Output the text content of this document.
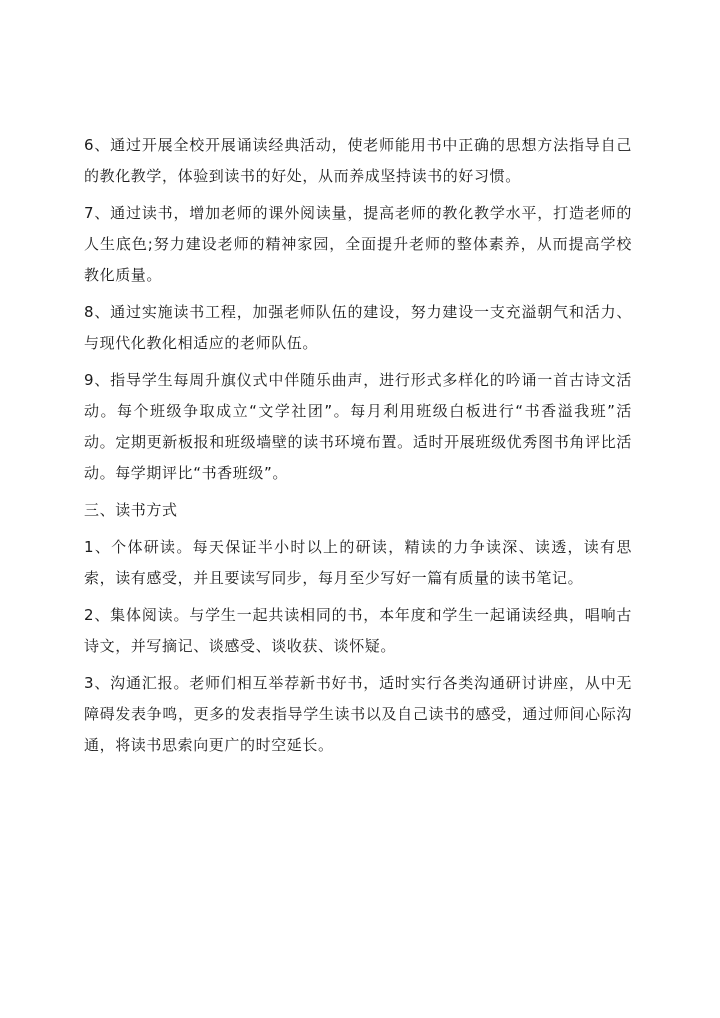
6、通过开展全校开展诵读经典活动，使老师能用书中正确的思想方法指导自己的教化教学，体验到读书的好处，从而养成坚持读书的好习惯。

7、通过读书，增加老师的课外阅读量，提高老师的教化教学水平，打造老师的人生底色;努力建设老师的精神家园，全面提升老师的整体素养，从而提高学校教化质量。

8、通过实施读书工程，加强老师队伍的建设，努力建设一支充溢朝气和活力、与现代化教化相适应的老师队伍。

9、指导学生每周升旗仪式中伴随乐曲声，进行形式多样化的吟诵一首古诗文活动。每个班级争取成立“文学社团”。每月利用班级白板进行“书香溢我班”活动。定期更新板报和班级墙壁的读书环境布置。适时开展班级优秀图书角评比活动。每学期评比“书香班级”。

三、读书方式

1、个体研读。每天保证半小时以上的研读，精读的力争读深、读透，读有思索，读有感受，并且要读写同步，每月至少写好一篇有质量的读书笔记。

2、集体阅读。与学生一起共读相同的书，本年度和学生一起诵读经典，唱响古诗文，并写摘记、谈感受、谈收获、谈怀疑。

3、沟通汇报。老师们相互举荐新书好书，适时实行各类沟通研讨讲座，从中无障碍发表争鸣，更多的发表指导学生读书以及自己读书的感受，通过师间心际沟通，将读书思索向更广的时空延长。
